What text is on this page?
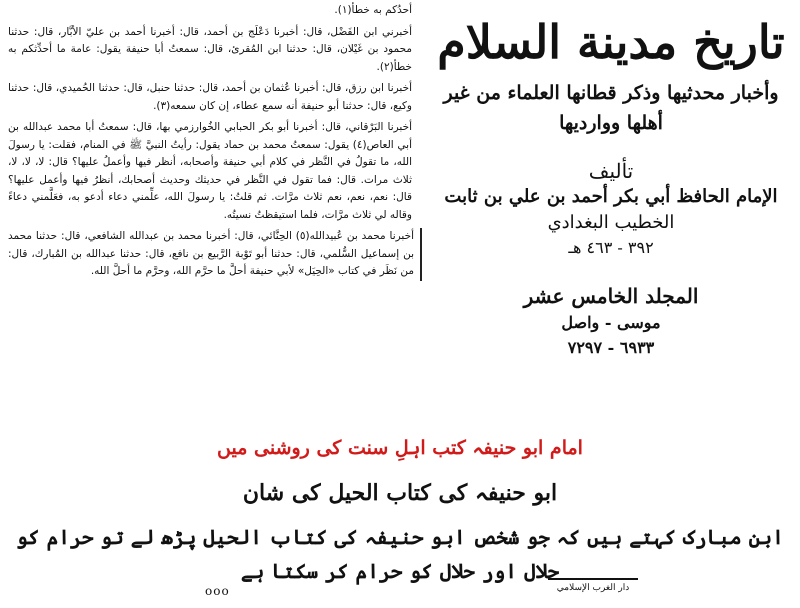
تاريخ مدينة السلام
وأخبار محدثيها وذكر قطانها العلماء من غير أهلها ووارديها
تأليف
الإمام الحافظ أبي بكر أحمد بن علي بن ثابت
الخطيب البغدادي
٣٩٢ - ٤٦٣ هـ
المجلد الخامس عشر
موسى - واصل
٦٩٣٣ - ٧٢٩٧

أحدُكم به خطأ(١).

أخبرني ابن الفَضْل، قال: أخبرنا دَعْلَج بن أحمد، قال: أخبرنا أحمد بن عليّ الأبَّار، قال: حدثنا محمود بن غَيْلان، قال: حدثنا ابن المُقرئ، قال: سمعتُ أبا حنيفة يقول: عامة ما أحدِّثكم به خطأ(٢).

أخبرنا ابن رزق، قال: أخبرنا عُثمان بن أحمد، قال: حدثنا حنبل، قال: حدثنا الحُميدي، قال: حدثنا وكيع، قال: حدثنا أبو حنيفة أنه سمع عطاء، إن كان سمعه(٣).

أخبرنا البَرْقاني، قال: أخبرنا أبو بكر الحبابي الخُوارزمي بها، قال: سمعتُ أبا محمد عبدالله بن أبي العاص(٤) يقول: سمعتُ محمد بن حماد يقول: رأيتُ النبيَّ ﷺ في المنام، فقلت: يا رسولَ الله، ما تقولُ في النَّظر في كلام أبي حنيفة وأصحابه، أنظر فيها وأعملُ عليها؟ قال: لا، لا، لا، ثلاث مرات. قال: فما تقول في النَّظر في حديثك وحديث أصحابك، أنظرُ فيها وأعمل عليها؟ قال: نعم، نعم، نعم ثلاث مرَّات. ثم قلتُ: يا رسولَ الله، علِّمني دعاء أدعو به، فعَلَّمني دعاءً وقاله لي ثلاث مرَّات، فلما استيقظتُ نسيتُه.

أخبرنا محمد بن عُبيدالله(٥) الحِنَّائي، قال: أخبرنا محمد بن عبدالله الشافعي، قال: حدثنا محمد بن إسماعيل السُّلمي، قال: حدثنا أبو تَوْبة الرَّبيع بن نافع، قال: حدثنا عبدالله بن المُبارك، قال: من نَظَر في كتاب «الحِيَل» لأبي حنيفة أحلَّ ما حرَّم الله، وحرَّم ما أحلَّ الله.

امام ابو حنیفہ کتب اہلِ سنت کی روشنی میں
ابو حنیفہ کی کتاب الحیل کی شان
ابن مبارک کہتے ہیں کہ جو شخص ابو حنیفہ کی کتاب الحیل پڑھ لے تو حرام کو حلال اور حلال کو حرام کر سکتا ہے
دار الغرب الإسلامي
ooo
